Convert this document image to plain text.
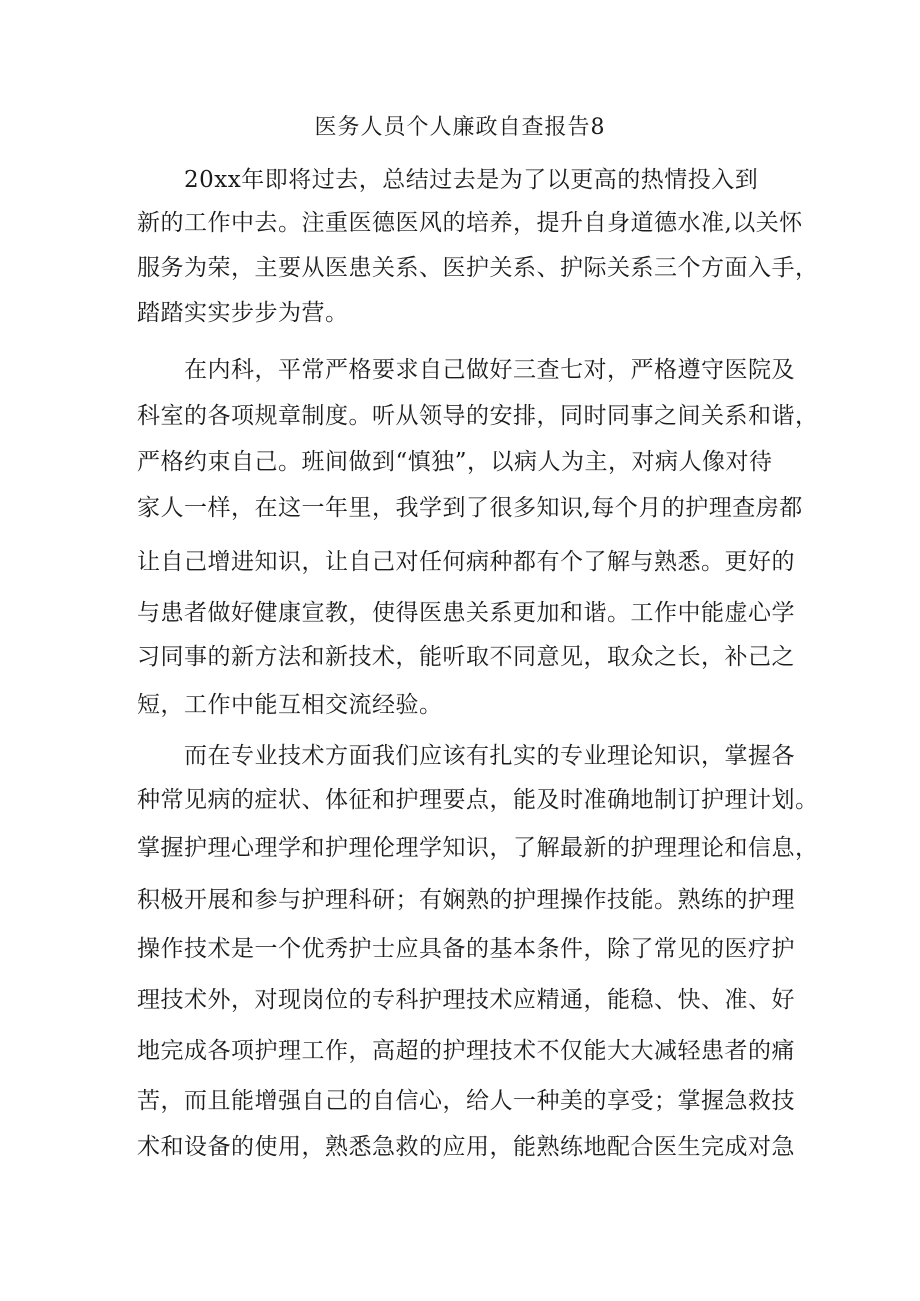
医务人员个人廉政自查报告8
20xx年即将过去，总结过去是为了以更高的热情投入到
新的工作中去。注重医德医风的培养，提升自身道德水准,以关怀
服务为荣，主要从医患关系、医护关系、护际关系三个方面入手，
踏踏实实步步为营。
在内科，平常严格要求自己做好三查七对，严格遵守医院及
科室的各项规章制度。听从领导的安排，同时同事之间关系和谐，
严格约束自己。班间做到“慎独”，以病人为主，对病人像对待
家人一样，在这一年里，我学到了很多知识,每个月的护理查房都
让自己增进知识，让自己对任何病种都有个了解与熟悉。更好的
与患者做好健康宣教，使得医患关系更加和谐。工作中能虚心学
习同事的新方法和新技术，能听取不同意见，取众之长，补己之
短，工作中能互相交流经验。
而在专业技术方面我们应该有扎实的专业理论知识，掌握各
种常见病的症状、体征和护理要点，能及时准确地制订护理计划。
掌握护理心理学和护理伦理学知识，了解最新的护理理论和信息，
积极开展和参与护理科研；有娴熟的护理操作技能。熟练的护理
操作技术是一个优秀护士应具备的基本条件，除了常见的医疗护
理技术外，对现岗位的专科护理技术应精通，能稳、快、准、好
地完成各项护理工作，高超的护理技术不仅能大大减轻患者的痛
苦，而且能增强自己的自信心，给人一种美的享受；掌握急救技
术和设备的使用，熟悉急救的应用，能熟练地配合医生完成对急
